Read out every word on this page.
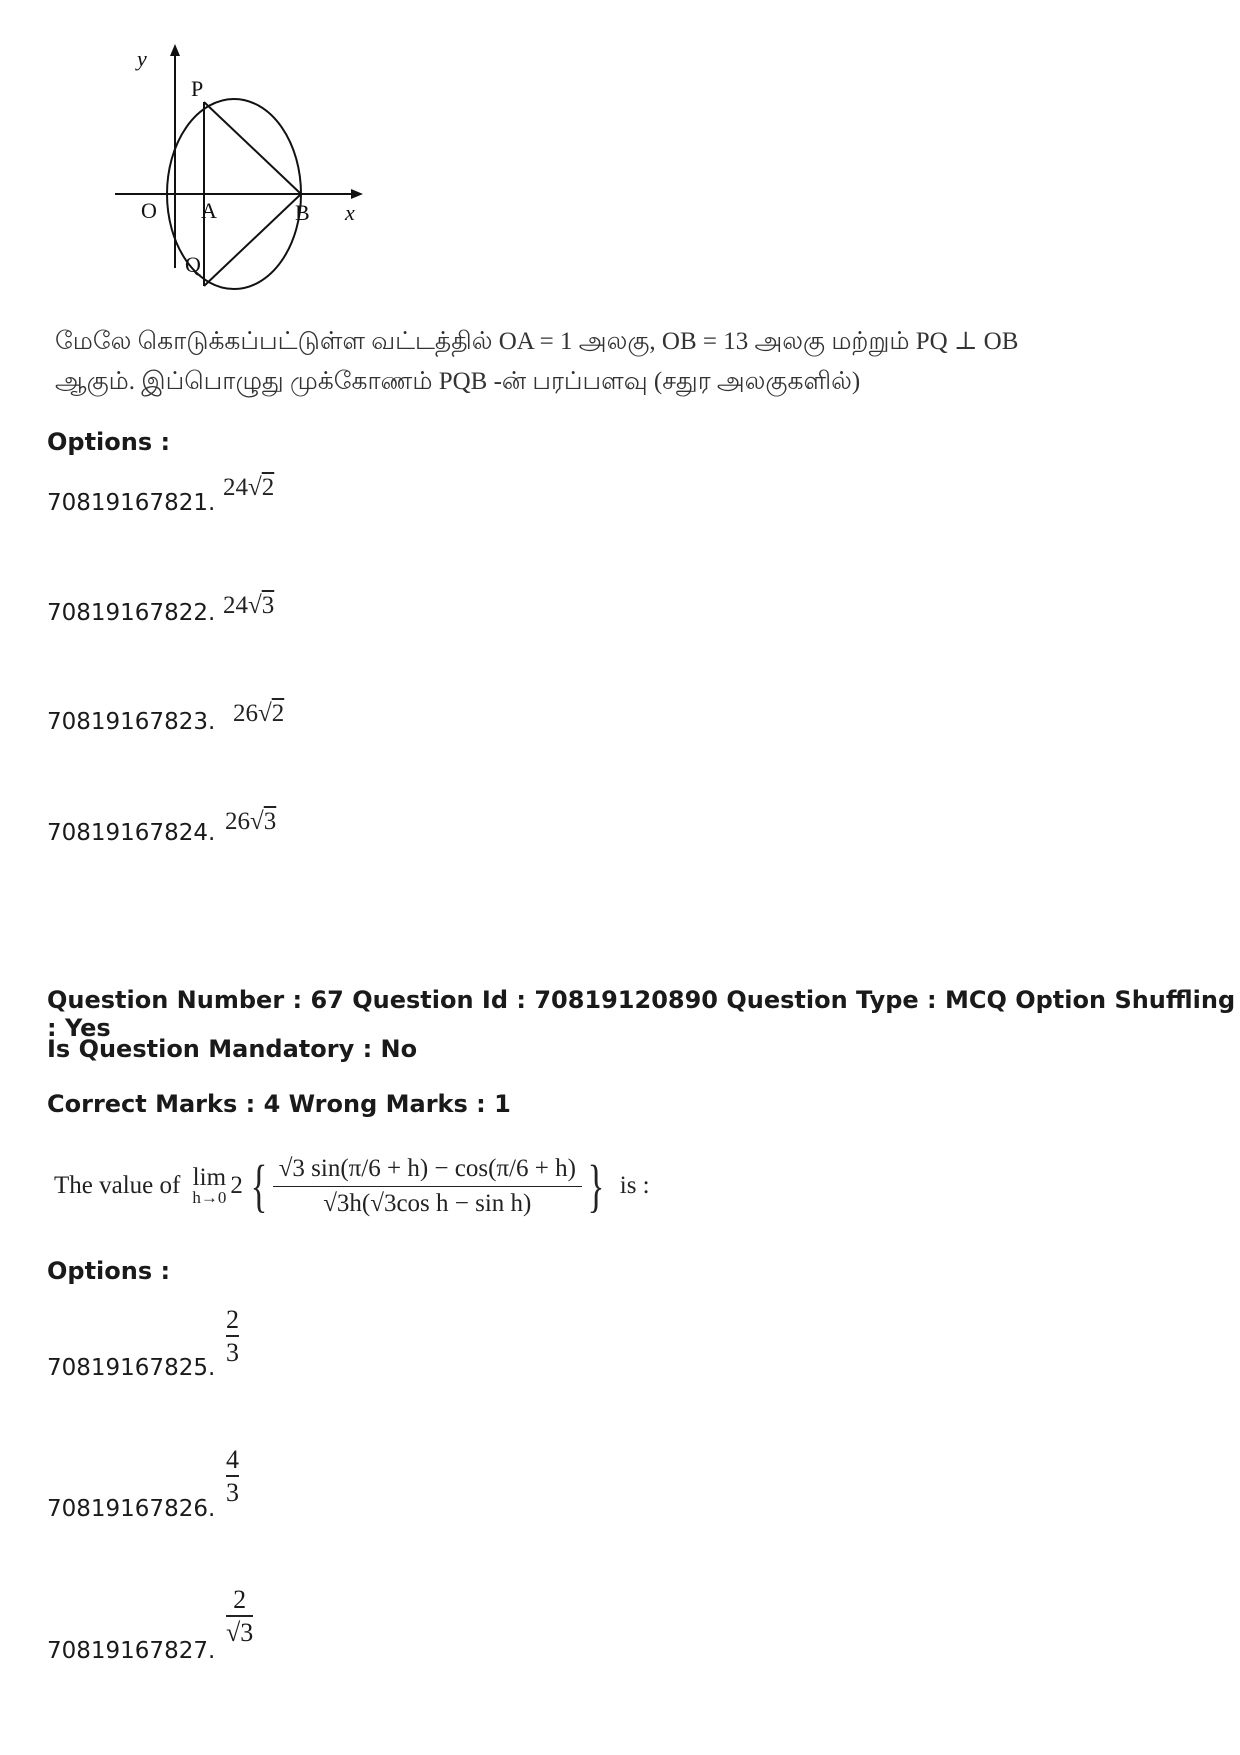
y
P
O A	B x
Q
மேலே கொடுக்கப்பட்டுள்ள வட்டத்தில் OA = 1 அலகு, OB = 13 அலகு மற்றும் PQ ⊥ OB
ஆகும். இப்பொழுது முக்கோணம் PQB -ன் பரப்பளவு (சதுர அலகுகளில்)
Options :
70819167821.
24√2
70819167822. 24√3
70819167823. 26√2
70819167824. 26√3
Question Number : 67 Question Id : 70819120890 Question Type : MCQ Option Shuffling : Yes
Is Question Mandatory : No
Correct Marks : 4 Wrong Marks : 1
The value of lim
h→0 2 { √3 sin(π/6 + h) − cos(π/6 + h)
√3h(√3cos h − sin h) } is :
Options :
70819167825.
2
3
70819167826.
4
3
70819167827.
2
√3
